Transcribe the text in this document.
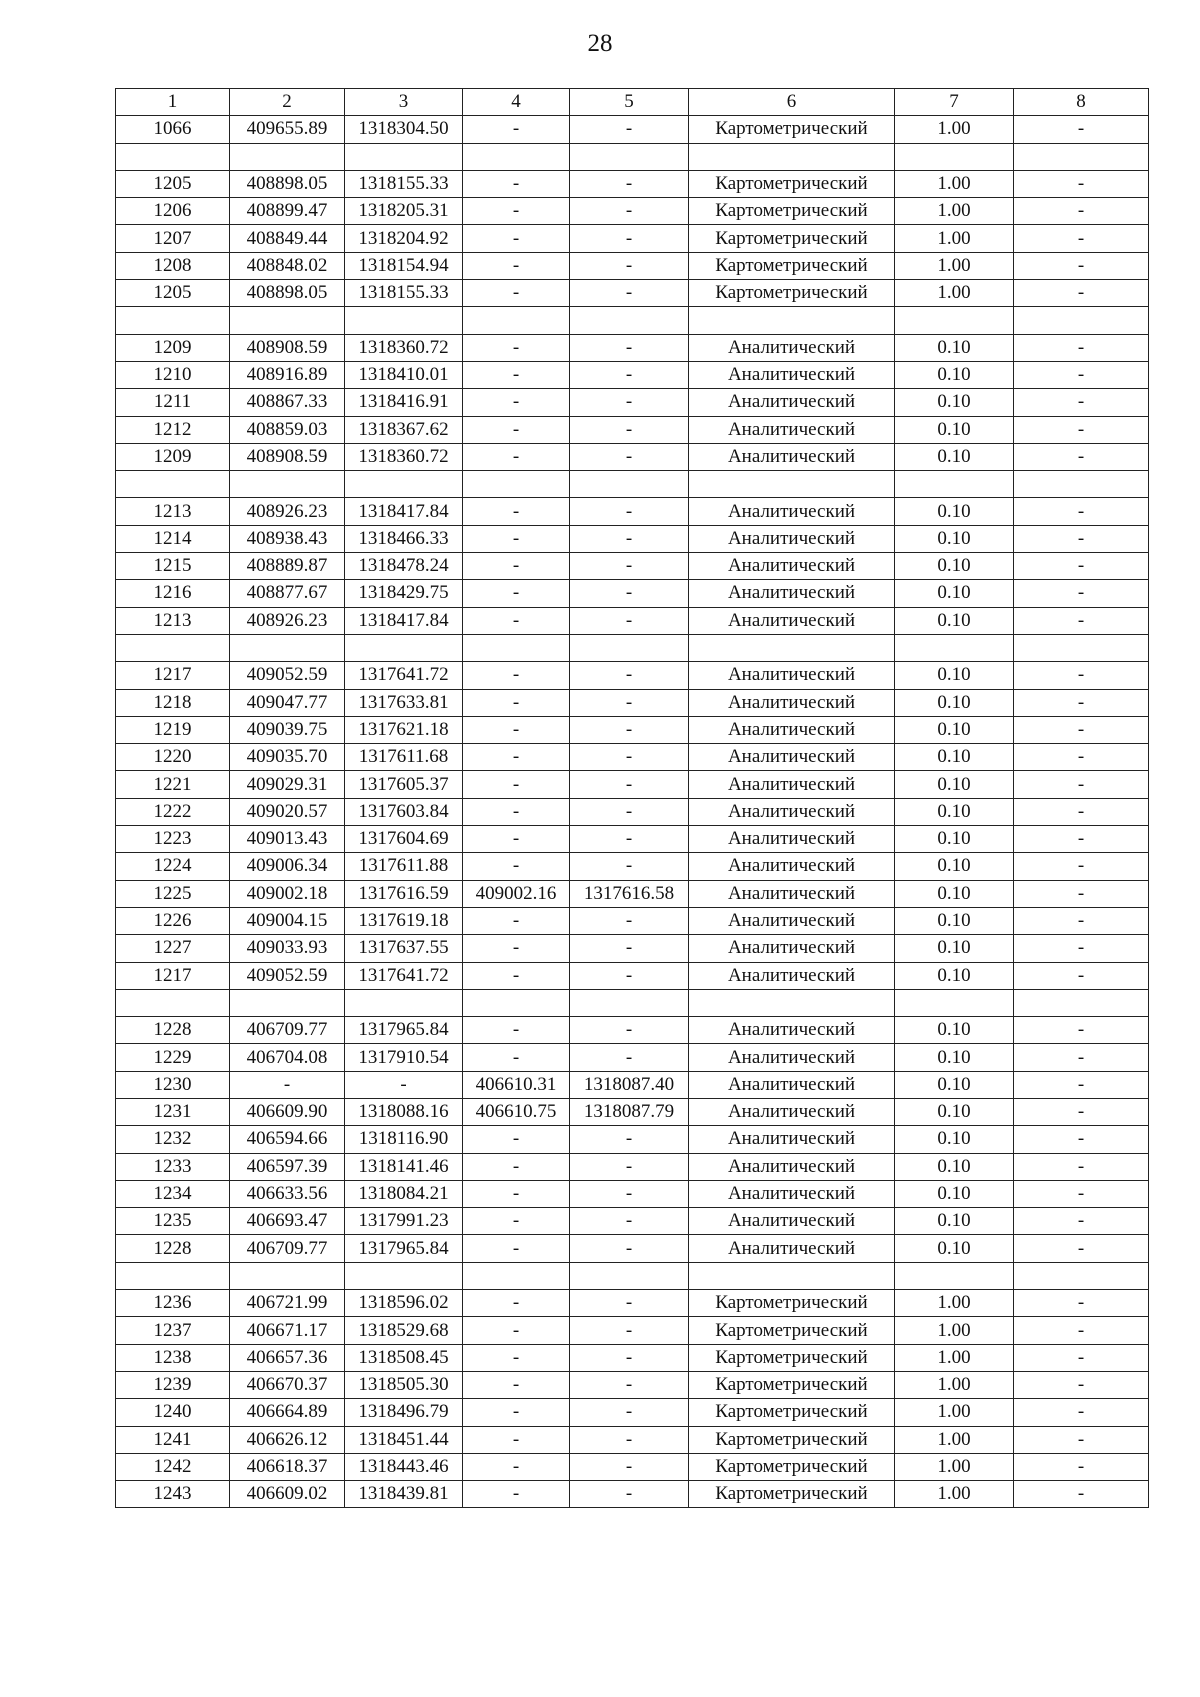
28
1	2	3	4	5	6	7	8
1066	409655.89	1318304.50	-	-	Картометрический	1.00	-

1205	408898.05	1318155.33	-	-	Картометрический	1.00	-
1206	408899.47	1318205.31	-	-	Картометрический	1.00	-
1207	408849.44	1318204.92	-	-	Картометрический	1.00	-
1208	408848.02	1318154.94	-	-	Картометрический	1.00	-
1205	408898.05	1318155.33	-	-	Картометрический	1.00	-

1209	408908.59	1318360.72	-	-	Аналитический	0.10	-
1210	408916.89	1318410.01	-	-	Аналитический	0.10	-
1211	408867.33	1318416.91	-	-	Аналитический	0.10	-
1212	408859.03	1318367.62	-	-	Аналитический	0.10	-
1209	408908.59	1318360.72	-	-	Аналитический	0.10	-

1213	408926.23	1318417.84	-	-	Аналитический	0.10	-
1214	408938.43	1318466.33	-	-	Аналитический	0.10	-
1215	408889.87	1318478.24	-	-	Аналитический	0.10	-
1216	408877.67	1318429.75	-	-	Аналитический	0.10	-
1213	408926.23	1318417.84	-	-	Аналитический	0.10	-

1217	409052.59	1317641.72	-	-	Аналитический	0.10	-
1218	409047.77	1317633.81	-	-	Аналитический	0.10	-
1219	409039.75	1317621.18	-	-	Аналитический	0.10	-
1220	409035.70	1317611.68	-	-	Аналитический	0.10	-
1221	409029.31	1317605.37	-	-	Аналитический	0.10	-
1222	409020.57	1317603.84	-	-	Аналитический	0.10	-
1223	409013.43	1317604.69	-	-	Аналитический	0.10	-
1224	409006.34	1317611.88	-	-	Аналитический	0.10	-
1225	409002.18	1317616.59	409002.16	1317616.58	Аналитический	0.10	-
1226	409004.15	1317619.18	-	-	Аналитический	0.10	-
1227	409033.93	1317637.55	-	-	Аналитический	0.10	-
1217	409052.59	1317641.72	-	-	Аналитический	0.10	-

1228	406709.77	1317965.84	-	-	Аналитический	0.10	-
1229	406704.08	1317910.54	-	-	Аналитический	0.10	-
1230	-	-	406610.31	1318087.40	Аналитический	0.10	-
1231	406609.90	1318088.16	406610.75	1318087.79	Аналитический	0.10	-
1232	406594.66	1318116.90	-	-	Аналитический	0.10	-
1233	406597.39	1318141.46	-	-	Аналитический	0.10	-
1234	406633.56	1318084.21	-	-	Аналитический	0.10	-
1235	406693.47	1317991.23	-	-	Аналитический	0.10	-
1228	406709.77	1317965.84	-	-	Аналитический	0.10	-

1236	406721.99	1318596.02	-	-	Картометрический	1.00	-
1237	406671.17	1318529.68	-	-	Картометрический	1.00	-
1238	406657.36	1318508.45	-	-	Картометрический	1.00	-
1239	406670.37	1318505.30	-	-	Картометрический	1.00	-
1240	406664.89	1318496.79	-	-	Картометрический	1.00	-
1241	406626.12	1318451.44	-	-	Картометрический	1.00	-
1242	406618.37	1318443.46	-	-	Картометрический	1.00	-
1243	406609.02	1318439.81	-	-	Картометрический	1.00	-
